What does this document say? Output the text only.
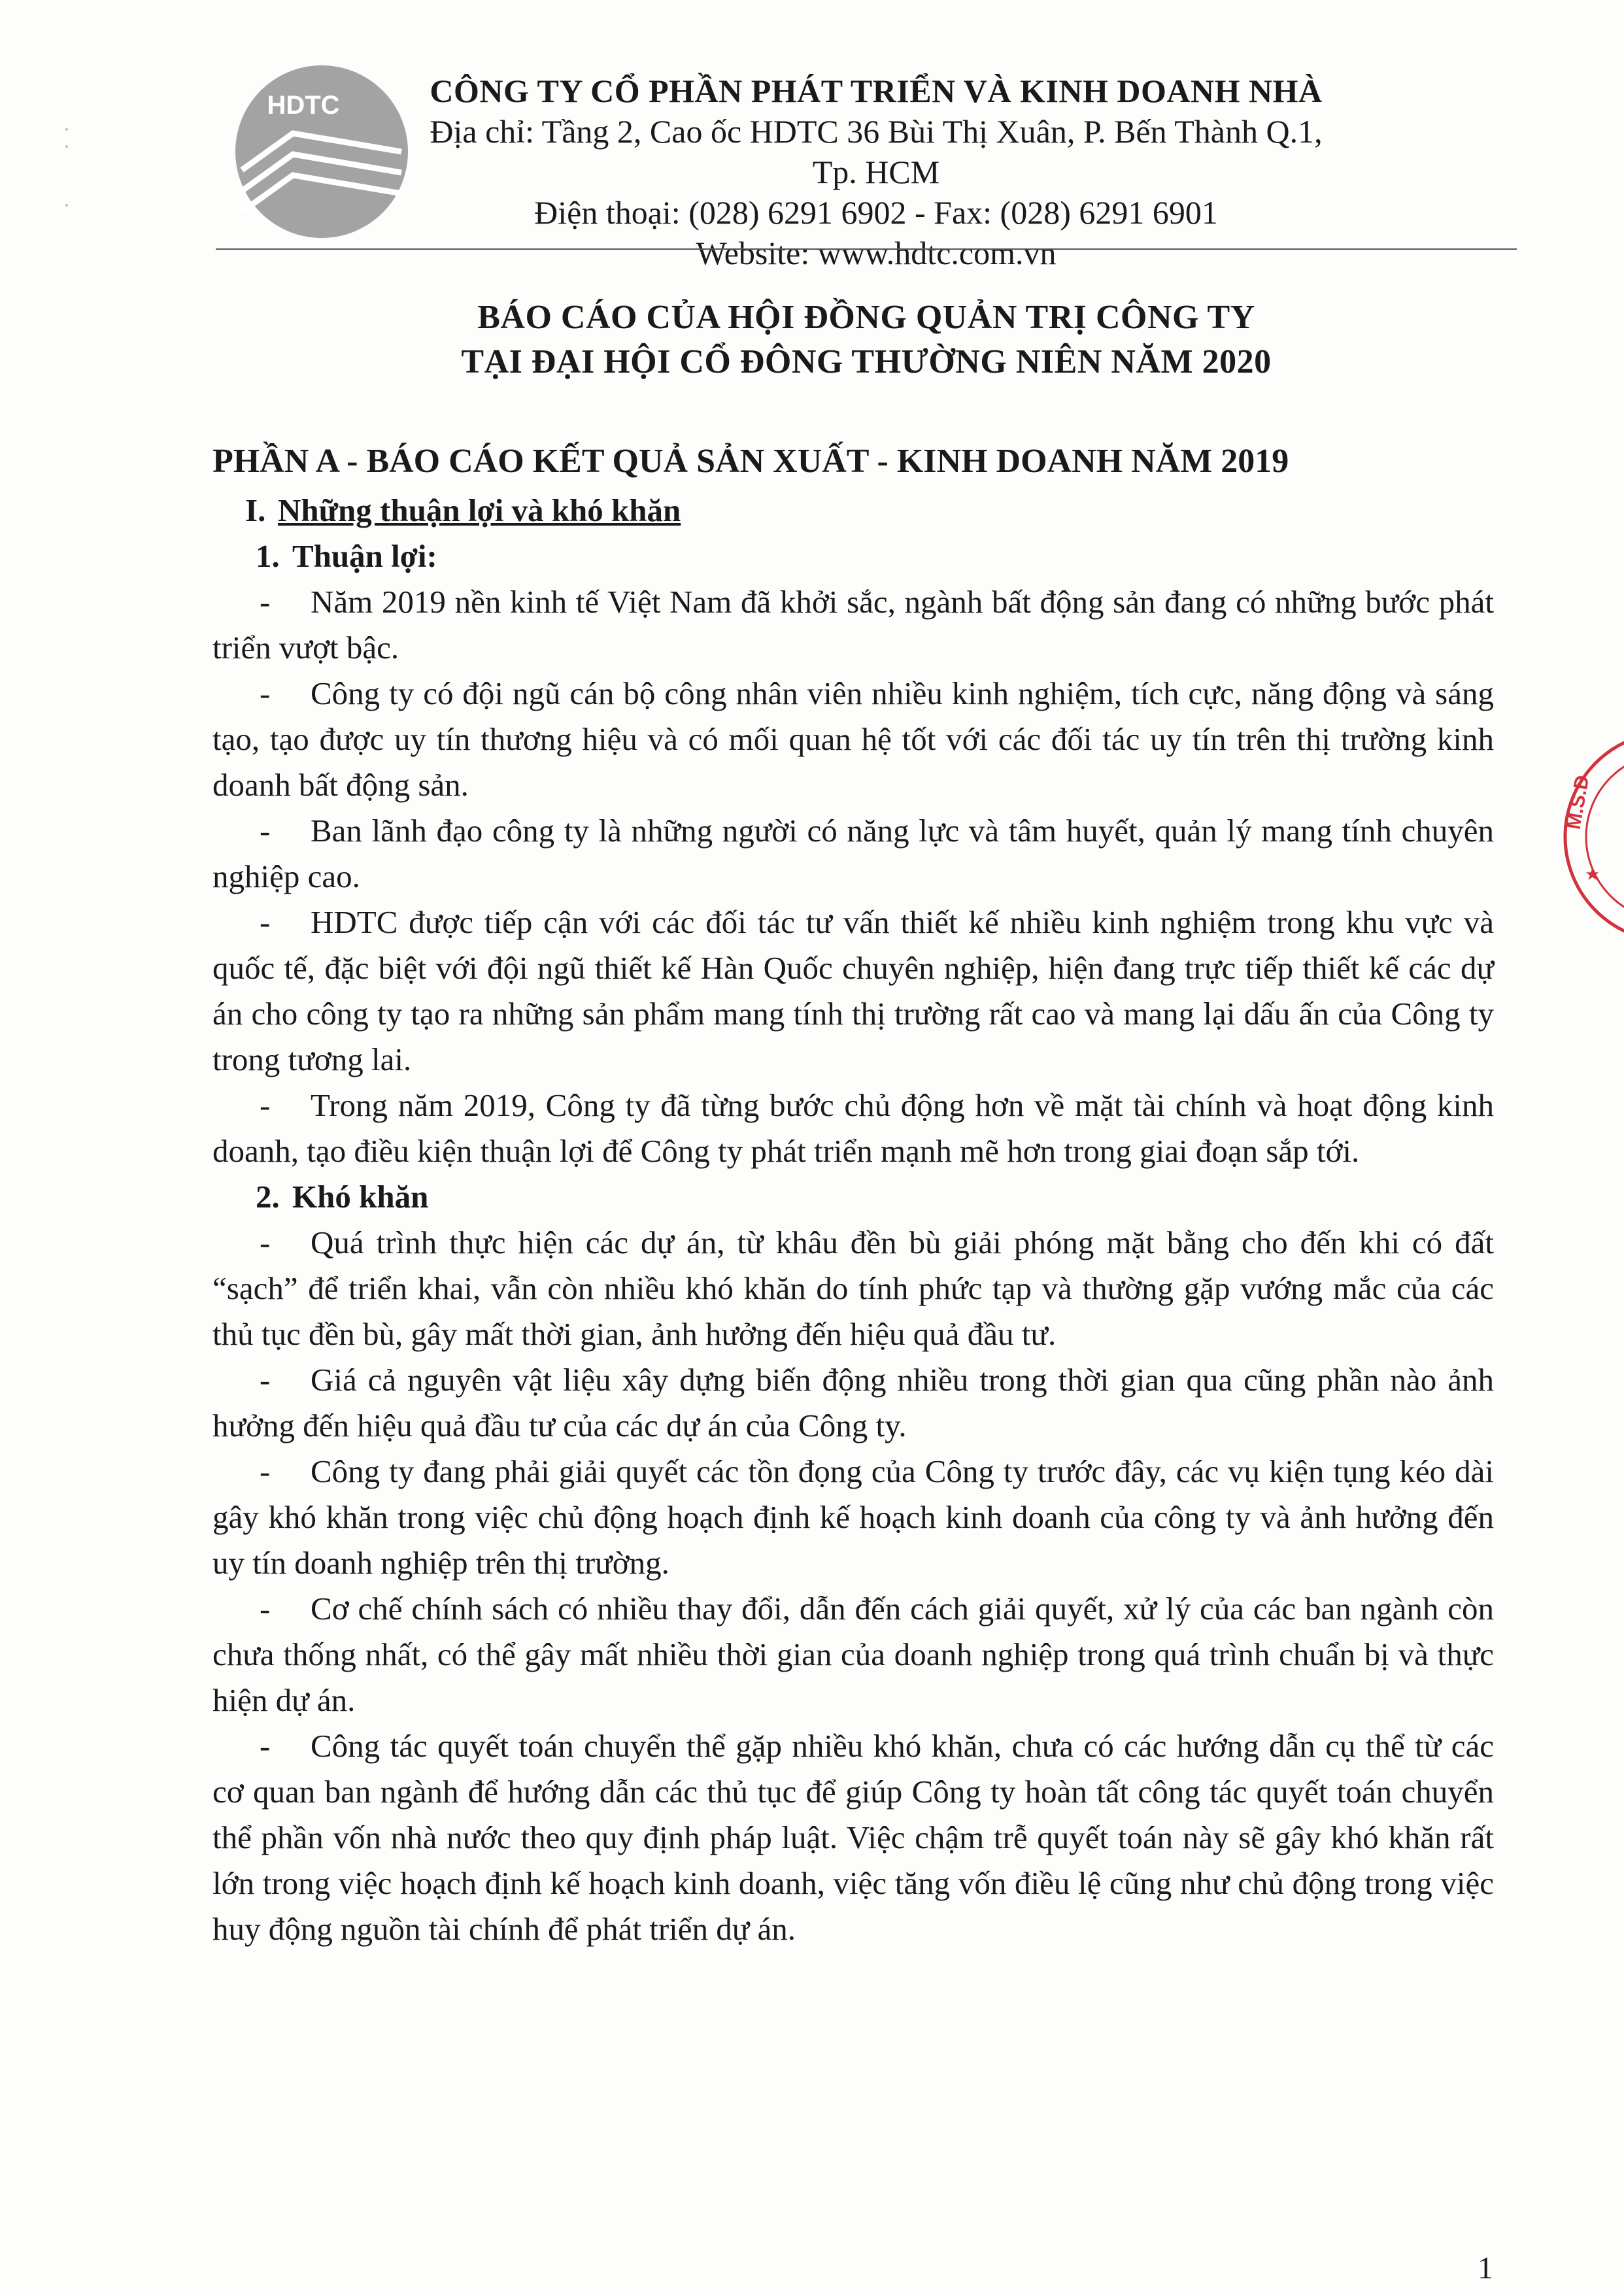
HDTC	CÔNG TY CỔ PHẦN PHÁT TRIỂN VÀ KINH DOANH NHÀ
Địa chỉ: Tầng 2, Cao ốc HDTC 36 Bùi Thị Xuân, P. Bến Thành Q.1, Tp. HCM
Điện thoại: (028) 6291 6902 - Fax: (028) 6291 6901
Website: www.hdtc.com.vn
BÁO CÁO CỦA HỘI ĐỒNG QUẢN TRỊ CÔNG TY
TẠI ĐẠI HỘI CỔ ĐÔNG THƯỜNG NIÊN NĂM 2020

PHẦN A - BÁO CÁO KẾT QUẢ SẢN XUẤT - KINH DOANH NĂM 2019

I. Những thuận lợi và khó khăn
1. Thuận lợi:

- Năm 2019 nền kinh tế Việt Nam đã khởi sắc, ngành bất động sản đang có những bước phát triển vượt bậc.

- Công ty có đội ngũ cán bộ công nhân viên nhiều kinh nghiệm, tích cực, năng động và sáng tạo, tạo được uy tín thương hiệu và có mối quan hệ tốt với các đối tác uy tín trên thị trường kinh doanh bất động sản.

- Ban lãnh đạo công ty là những người có năng lực và tâm huyết, quản lý mang tính chuyên nghiệp cao.

- HDTC được tiếp cận với các đối tác tư vấn thiết kế nhiều kinh nghiệm trong khu vực và quốc tế, đặc biệt với đội ngũ thiết kế Hàn Quốc chuyên nghiệp, hiện đang trực tiếp thiết kế các dự án cho công ty tạo ra những sản phẩm mang tính thị trường rất cao và mang lại dấu ấn của Công ty trong tương lai.

- Trong năm 2019, Công ty đã từng bước chủ động hơn về mặt tài chính và hoạt động kinh doanh, tạo điều kiện thuận lợi để Công ty phát triển mạnh mẽ hơn trong giai đoạn sắp tới.

2. Khó khăn

- Quá trình thực hiện các dự án, từ khâu đền bù giải phóng mặt bằng cho đến khi có đất “sạch” để triển khai, vẫn còn nhiều khó khăn do tính phức tạp và thường gặp vướng mắc của các thủ tục đền bù, gây mất thời gian, ảnh hưởng đến hiệu quả đầu tư.

- Giá cả nguyên vật liệu xây dựng biến động nhiều trong thời gian qua cũng phần nào ảnh hưởng đến hiệu quả đầu tư của các dự án của Công ty.

- Công ty đang phải giải quyết các tồn đọng của Công ty trước đây, các vụ kiện tụng kéo dài gây khó khăn trong việc chủ động hoạch định kế hoạch kinh doanh của công ty và ảnh hưởng đến uy tín doanh nghiệp trên thị trường.

- Cơ chế chính sách có nhiều thay đổi, dẫn đến cách giải quyết, xử lý của các ban ngành còn chưa thống nhất, có thể gây mất nhiều thời gian của doanh nghiệp trong quá trình chuẩn bị và thực hiện dự án.

- Công tác quyết toán chuyển thể gặp nhiều khó khăn, chưa có các hướng dẫn cụ thể từ các cơ quan ban ngành để hướng dẫn các thủ tục để giúp Công ty hoàn tất công tác quyết toán chuyển thể phần vốn nhà nước theo quy định pháp luật. Việc chậm trễ quyết toán này sẽ gây khó khăn rất lớn trong việc hoạch định kế hoạch kinh doanh, việc tăng vốn điều lệ cũng như chủ động trong việc huy động nguồn tài chính để phát triển dự án.

1
M.S.D
★
